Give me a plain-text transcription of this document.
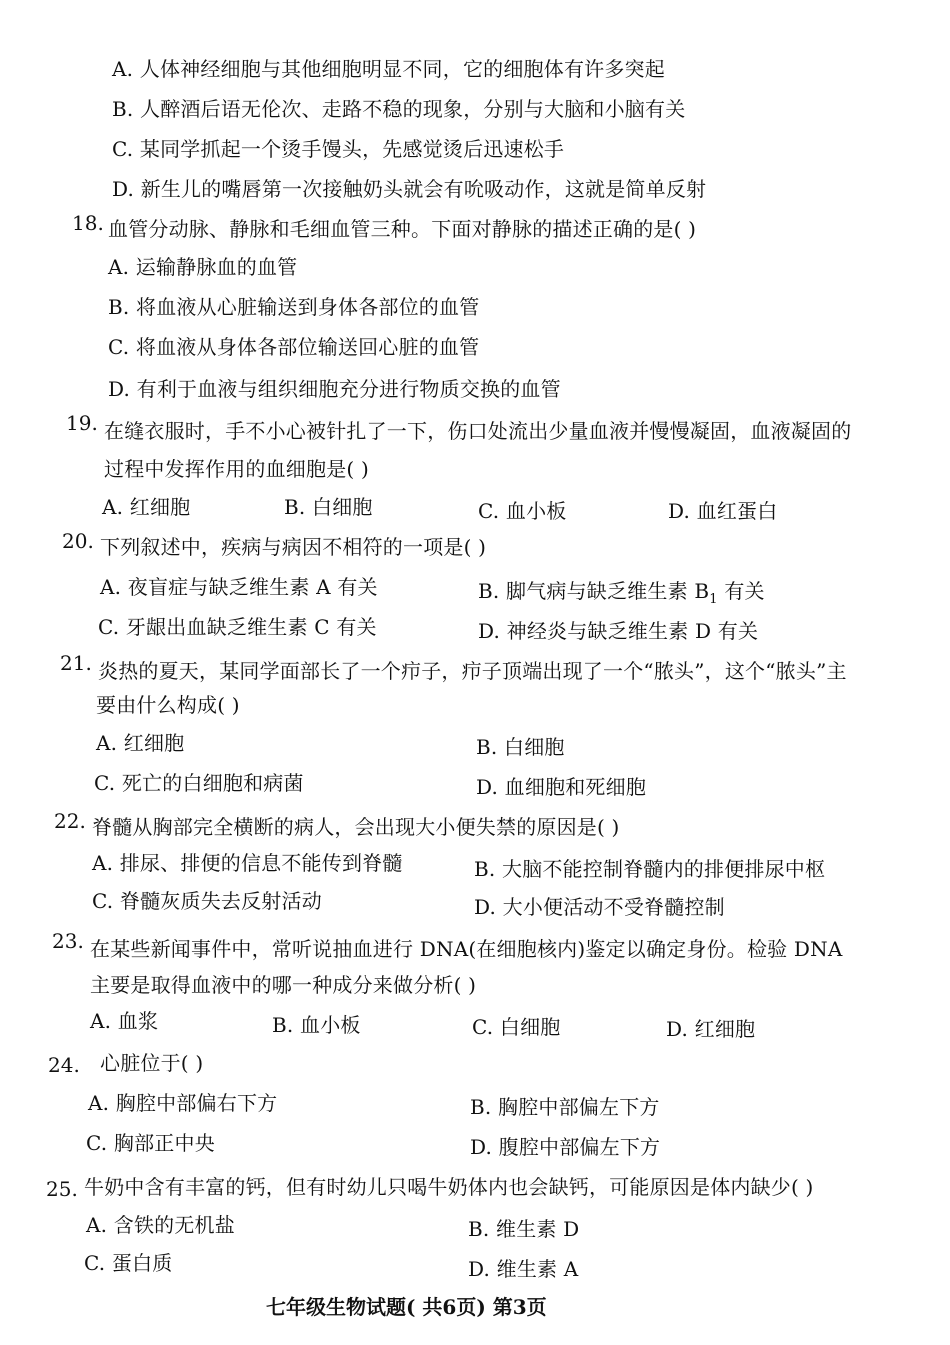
A. 人体神经细胞与其他细胞明显不同，它的细胞体有许多突起
B. 人醉酒后语无伦次、走路不稳的现象，分别与大脑和小脑有关
C. 某同学抓起一个烫手馒头，先感觉烫后迅速松手
D. 新生儿的嘴唇第一次接触奶头就会有吮吸动作，这就是简单反射
18. 血管分动脉、静脉和毛细血管三种。下面对静脉的描述正确的是( )
A. 运输静脉血的血管
B. 将血液从心脏输送到身体各部位的血管
C. 将血液从身体各部位输送回心脏的血管
D. 有利于血液与组织细胞充分进行物质交换的血管
19. 在缝衣服时，手不小心被针扎了一下，伤口处流出少量血液并慢慢凝固，血液凝固的
过程中发挥作用的血细胞是( )
A. 红细胞	B. 白细胞	C. 血小板	D. 血红蛋白
20. 下列叙述中，疾病与病因不相符的一项是( )
A. 夜盲症与缺乏维生素 A 有关	B. 脚气病与缺乏维生素 $B_1$ 有关
C. 牙龈出血缺乏维生素 C 有关	D. 神经炎与缺乏维生素 D 有关
21. 炎热的夏天，某同学面部长了一个疖子，疖子顶端出现了一个“脓头”，这个“脓头”主
要由什么构成( )
A. 红细胞	B. 白细胞
C. 死亡的白细胞和病菌	D. 血细胞和死细胞
22. 脊髓从胸部完全横断的病人，会出现大小便失禁的原因是( )
A. 排尿、排便的信息不能传到脊髓	B. 大脑不能控制脊髓内的排便排尿中枢
C. 脊髓灰质失去反射活动	D. 大小便活动不受脊髓控制
23. 在某些新闻事件中，常听说抽血进行 DNA(在细胞核内)鉴定以确定身份。检验 DNA
主要是取得血液中的哪一种成分来做分析( )
A. 血浆	B. 血小板	C. 白细胞	D. 红细胞
24.	心脏位于( )
A. 胸腔中部偏右下方	B. 胸腔中部偏左下方
C. 胸部正中央	D. 腹腔中部偏左下方
25. 牛奶中含有丰富的钙，但有时幼儿只喝牛奶体内也会缺钙，可能原因是体内缺少( )
A. 含铁的无机盐	B. 维生素 D
C. 蛋白质	D. 维生素 A
七年级生物试题( 共6页) 第3页
